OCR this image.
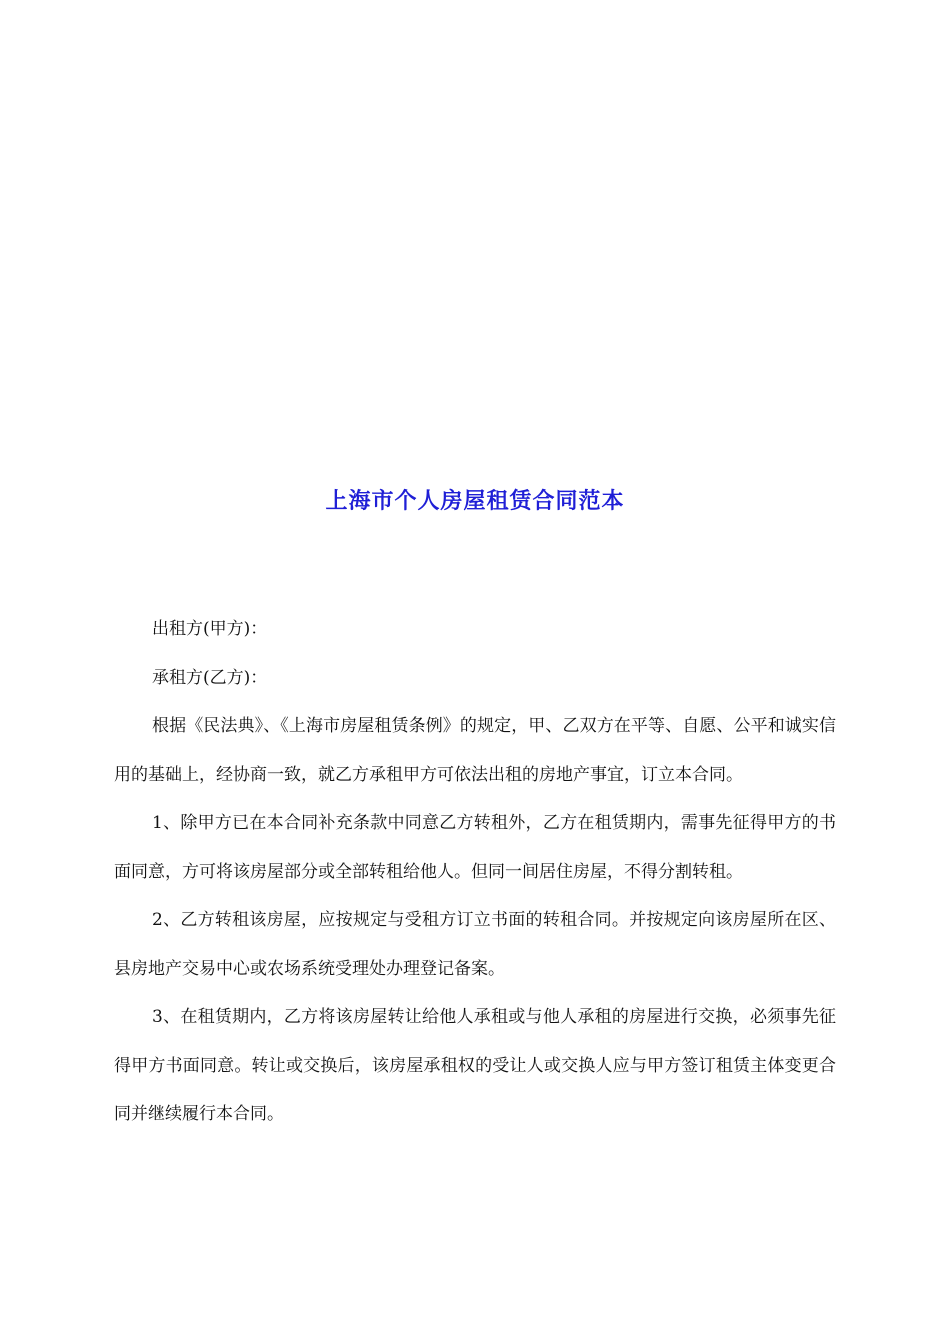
上海市个人房屋租赁合同范本

出租方(甲方)：

承租方(乙方)：

根据《民法典》、《上海市房屋租赁条例》的规定，甲、乙双方在平等、自愿、公平和诚实信用的基础上，经协商一致，就乙方承租甲方可依法出租的房地产事宜，订立本合同。

1、除甲方已在本合同补充条款中同意乙方转租外，乙方在租赁期内，需事先征得甲方的书面同意，方可将该房屋部分或全部转租给他人。但同一间居住房屋，不得分割转租。

2、乙方转租该房屋，应按规定与受租方订立书面的转租合同。并按规定向该房屋所在区、县房地产交易中心或农场系统受理处办理登记备案。

3、在租赁期内，乙方将该房屋转让给他人承租或与他人承租的房屋进行交换，必须事先征得甲方书面同意。转让或交换后，该房屋承租权的受让人或交换人应与甲方签订租赁主体变更合同并继续履行本合同。
